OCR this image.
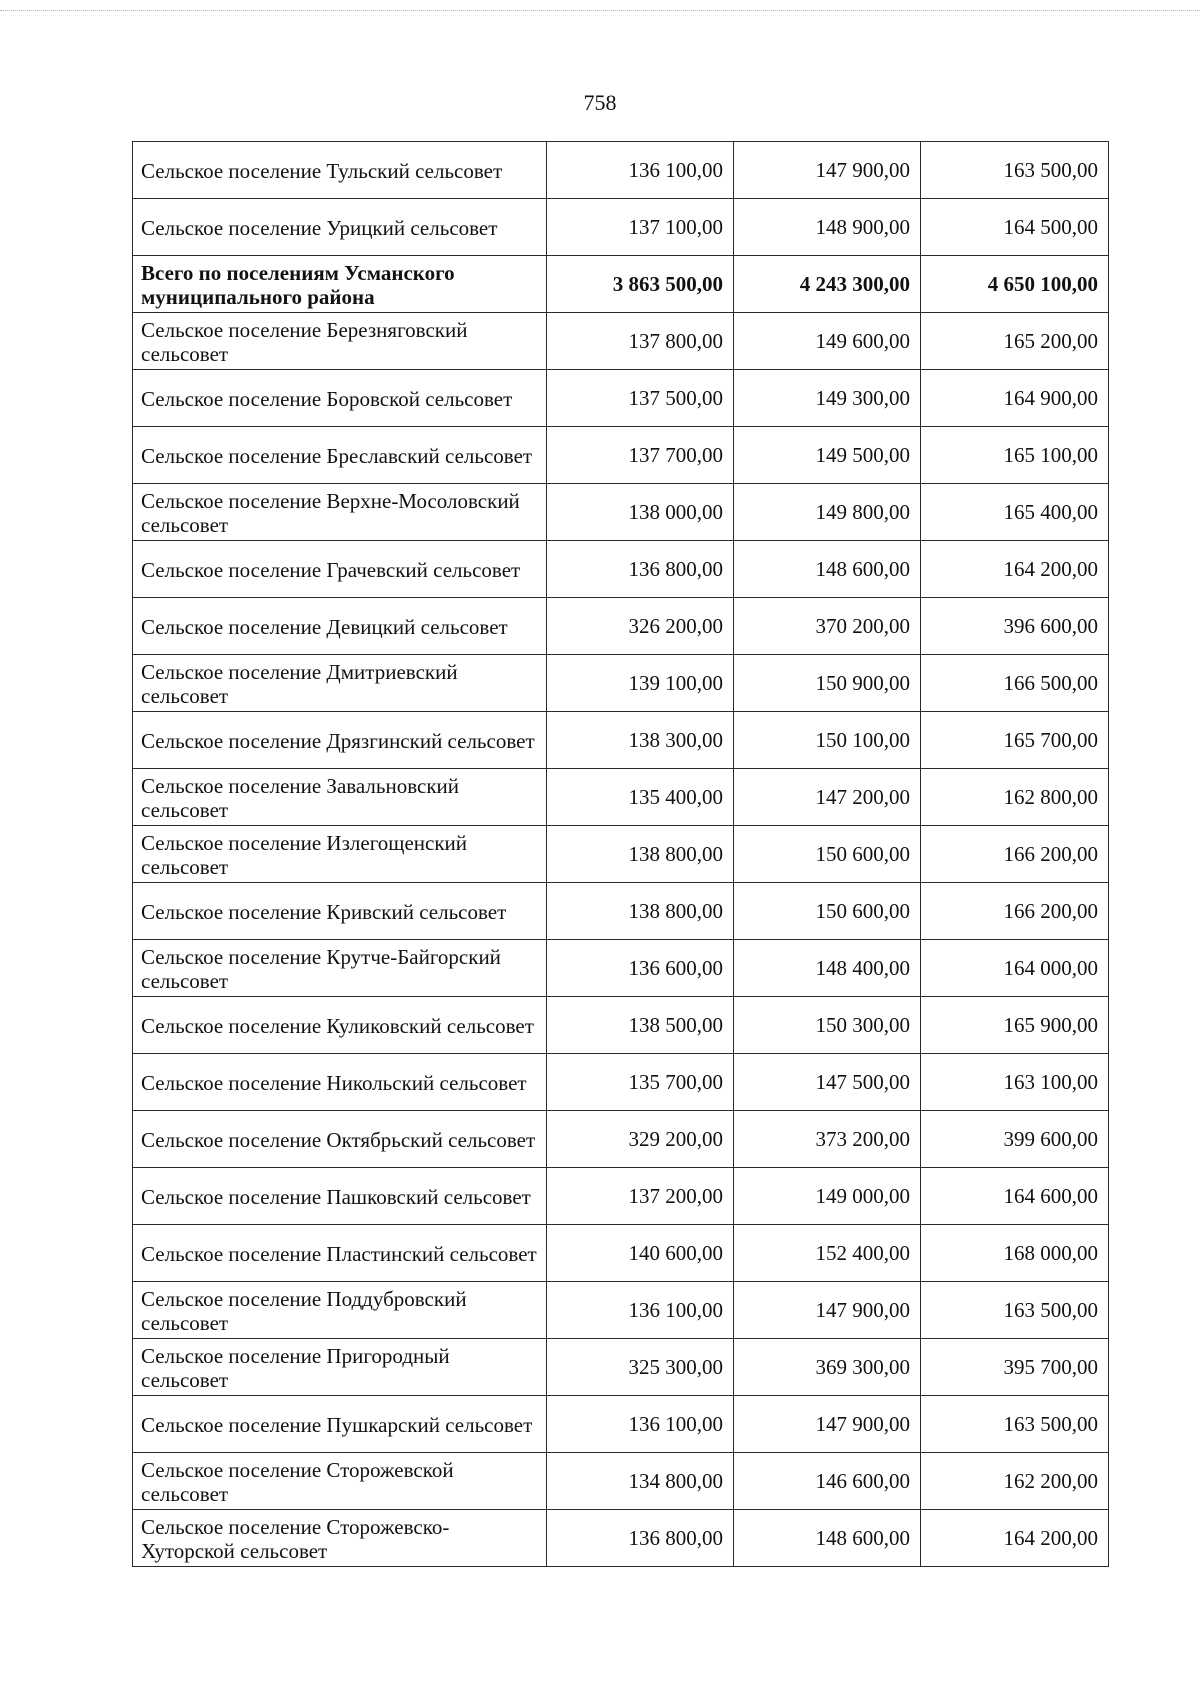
758
Сельское поселение Тульский сельсовет	136 100,00	147 900,00	163 500,00
Сельское поселение Урицкий сельсовет	137 100,00	148 900,00	164 500,00
Всего по поселениям Усманского муниципального района	3 863 500,00	4 243 300,00	4 650 100,00
Сельское поселение Березняговский сельсовет	137 800,00	149 600,00	165 200,00
Сельское поселение Боровской сельсовет	137 500,00	149 300,00	164 900,00
Сельское поселение Бреславский сельсовет	137 700,00	149 500,00	165 100,00
Сельское поселение Верхне-Мосоловский сельсовет	138 000,00	149 800,00	165 400,00
Сельское поселение Грачевский сельсовет	136 800,00	148 600,00	164 200,00
Сельское поселение Девицкий сельсовет	326 200,00	370 200,00	396 600,00
Сельское поселение Дмитриевский сельсовет	139 100,00	150 900,00	166 500,00
Сельское поселение Дрязгинский сельсовет	138 300,00	150 100,00	165 700,00
Сельское поселение Завальновский сельсовет	135 400,00	147 200,00	162 800,00
Сельское поселение Излегощенский сельсовет	138 800,00	150 600,00	166 200,00
Сельское поселение Кривский сельсовет	138 800,00	150 600,00	166 200,00
Сельское поселение Крутче-Байгорский сельсовет	136 600,00	148 400,00	164 000,00
Сельское поселение Куликовский сельсовет	138 500,00	150 300,00	165 900,00
Сельское поселение Никольский сельсовет	135 700,00	147 500,00	163 100,00
Сельское поселение Октябрьский сельсовет	329 200,00	373 200,00	399 600,00
Сельское поселение Пашковский сельсовет	137 200,00	149 000,00	164 600,00
Сельское поселение Пластинский сельсовет	140 600,00	152 400,00	168 000,00
Сельское поселение Поддубровский сельсовет	136 100,00	147 900,00	163 500,00
Сельское поселение Пригородный сельсовет	325 300,00	369 300,00	395 700,00
Сельское поселение Пушкарский сельсовет	136 100,00	147 900,00	163 500,00
Сельское поселение Сторожевской сельсовет	134 800,00	146 600,00	162 200,00
Сельское поселение Сторожевско-Хуторской сельсовет	136 800,00	148 600,00	164 200,00
